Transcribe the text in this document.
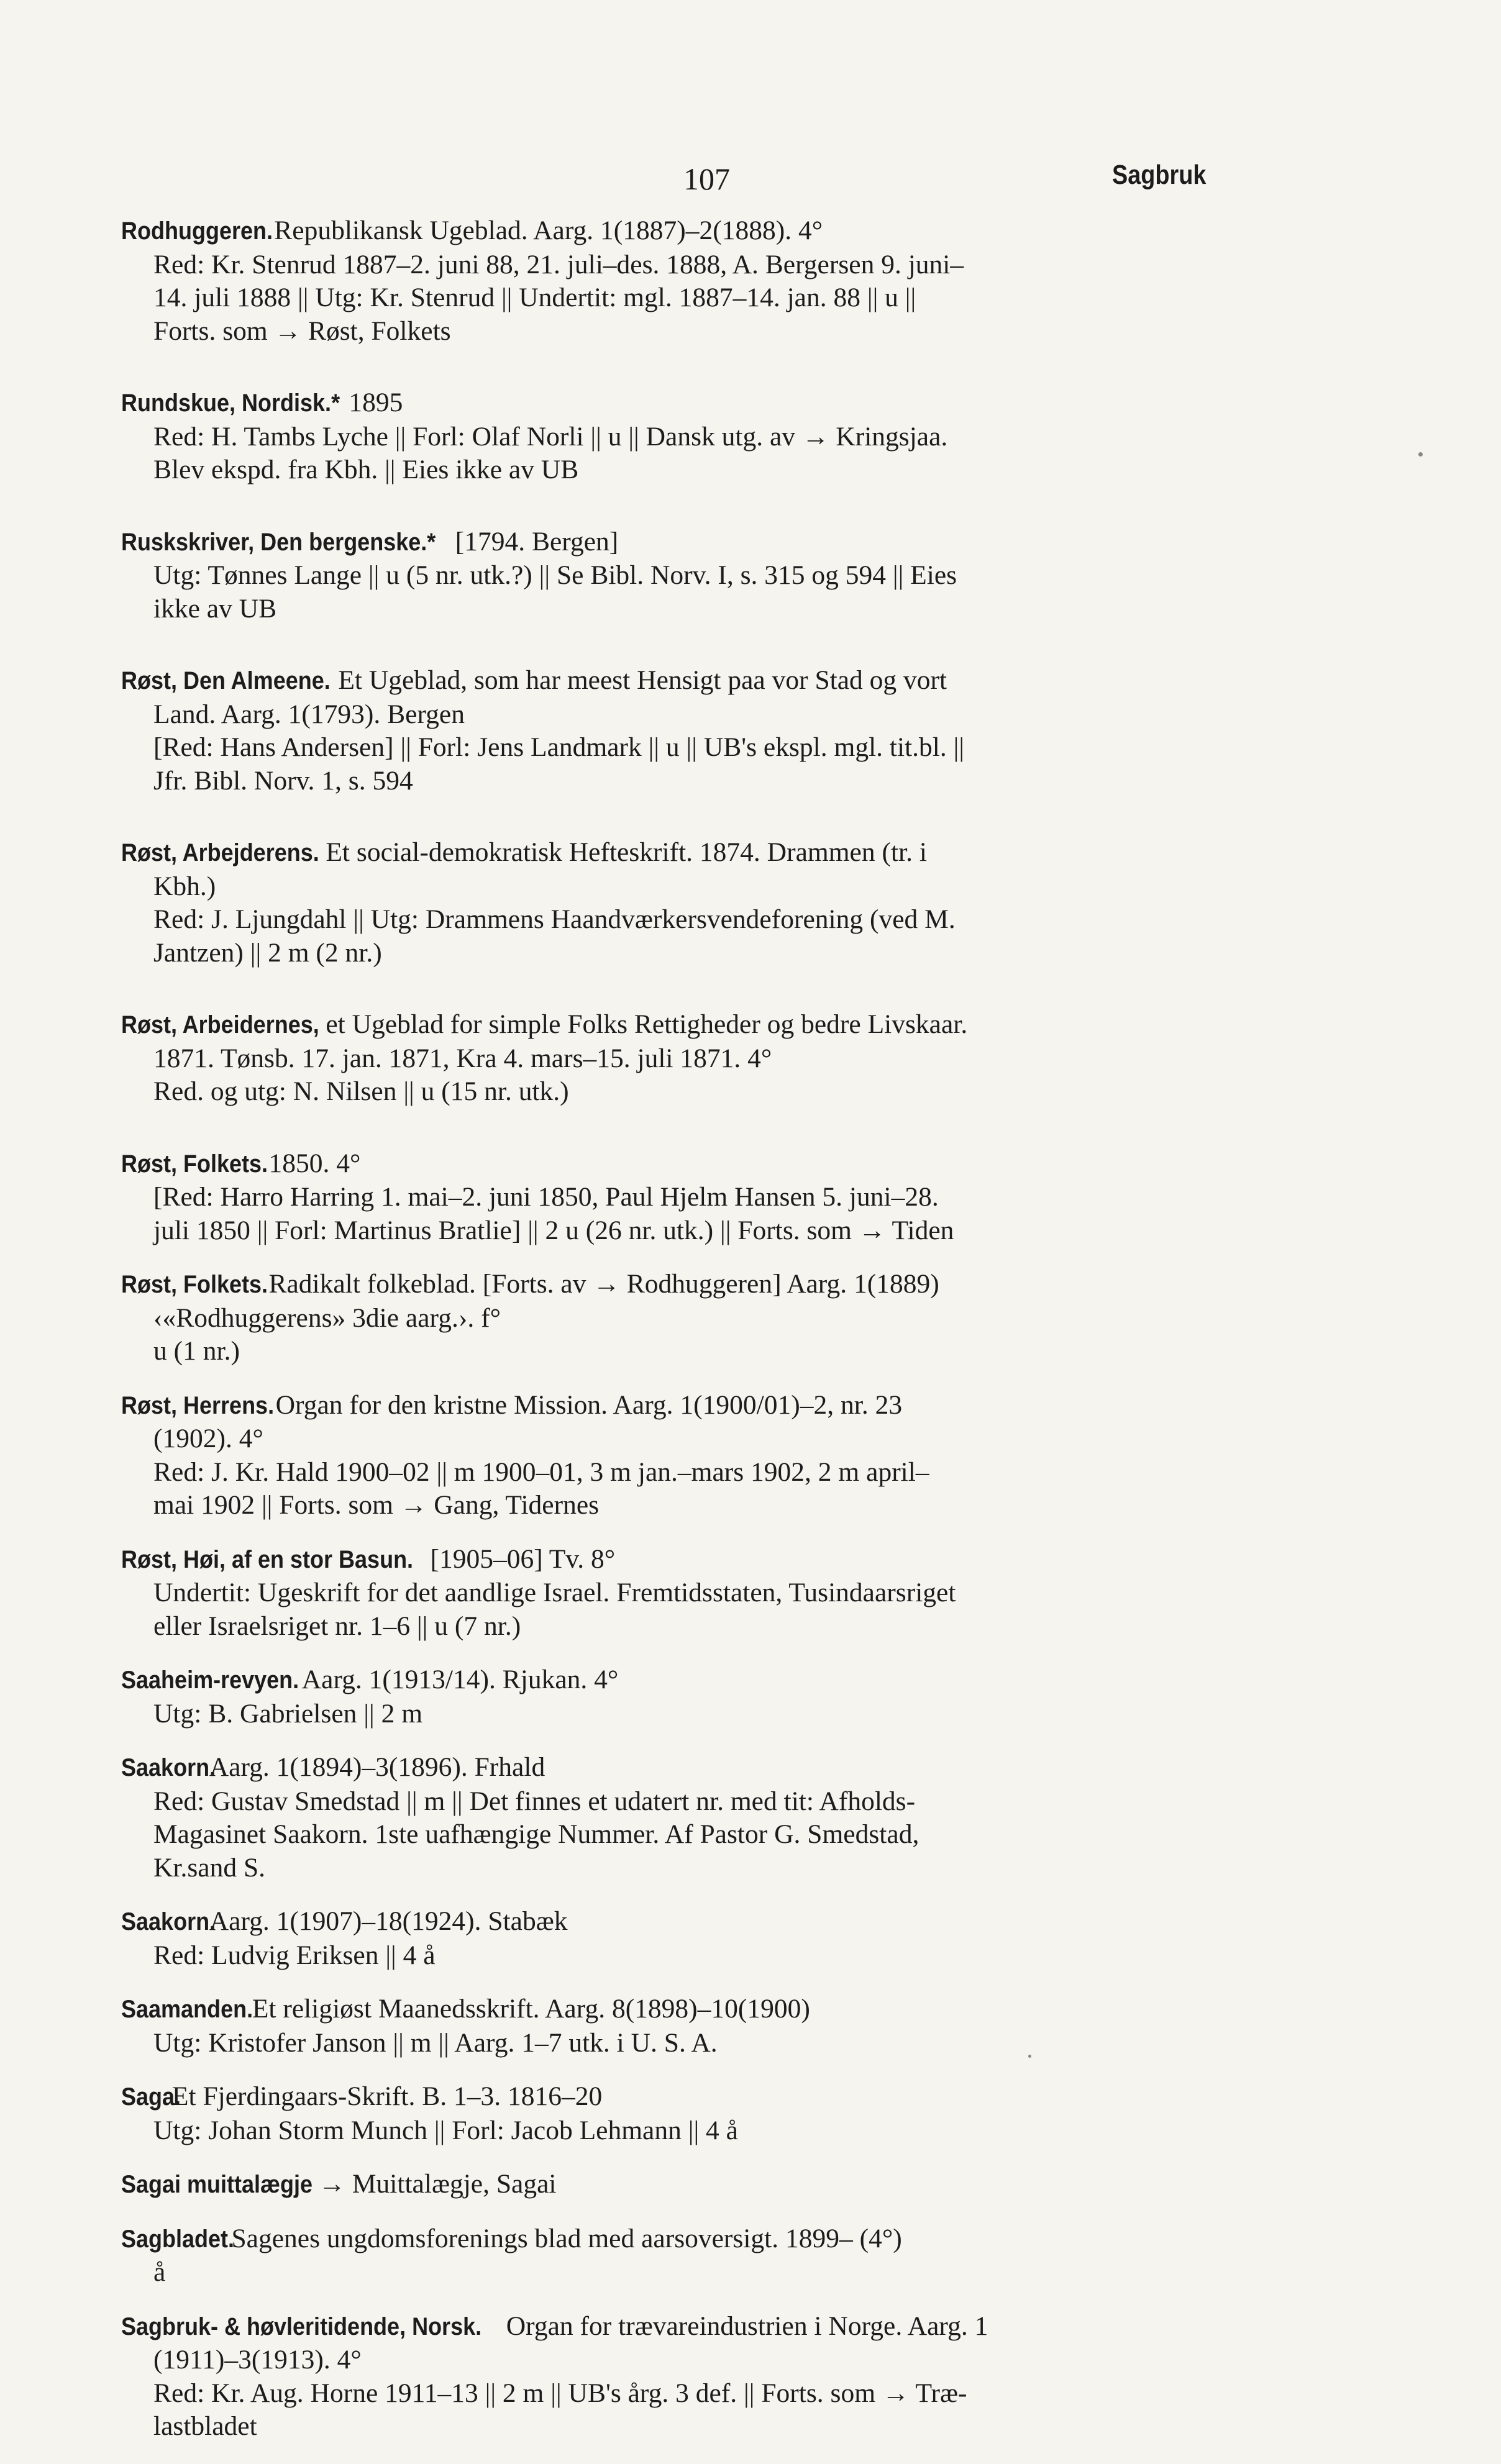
107	Sagbruk
Rodhuggeren. Republikansk Ugeblad. Aarg. 1(1887)–2(1888). 4°
Red: Kr. Stenrud 1887–2. juni 88, 21. juli–des. 1888, A. Bergersen 9. juni–
14. juli 1888 || Utg: Kr. Stenrud || Undertit: mgl. 1887–14. jan. 88 || u ||
Forts. som → Røst, Folkets
Rundskue, Nordisk.* 1895
Red: H. Tambs Lyche || Forl: Olaf Norli || u || Dansk utg. av → Kringsjaa.
Blev ekspd. fra Kbh. || Eies ikke av UB
Ruskskriver, Den bergenske.* [1794. Bergen]
Utg: Tønnes Lange || u (5 nr. utk.?) || Se Bibl. Norv. I, s. 315 og 594 || Eies
ikke av UB
Røst, Den Almeene. Et Ugeblad, som har meest Hensigt paa vor Stad og vort
Land. Aarg. 1(1793). Bergen
[Red: Hans Andersen] || Forl: Jens Landmark || u || UB's ekspl. mgl. tit.bl. ||
Jfr. Bibl. Norv. 1, s. 594
Røst, Arbejderens. Et social-demokratisk Hefteskrift. 1874. Drammen (tr. i
Kbh.)
Red: J. Ljungdahl || Utg: Drammens Haandværkersvendeforening (ved M.
Jantzen) || 2 m (2 nr.)
Røst, Arbeidernes, et Ugeblad for simple Folks Rettigheder og bedre Livskaar.
1871. Tønsb. 17. jan. 1871, Kra 4. mars–15. juli 1871. 4°
Red. og utg: N. Nilsen || u (15 nr. utk.)
Røst, Folkets. 1850. 4°
[Red: Harro Harring 1. mai–2. juni 1850, Paul Hjelm Hansen 5. juni–28.
juli 1850 || Forl: Martinus Bratlie] || 2 u (26 nr. utk.) || Forts. som → Tiden
Røst, Folkets. Radikalt folkeblad. [Forts. av → Rodhuggeren] Aarg. 1(1889)
‹«Rodhuggerens» 3die aarg.›. f°
u (1 nr.)
Røst, Herrens. Organ for den kristne Mission. Aarg. 1(1900/01)–2, nr. 23
(1902). 4°
Red: J. Kr. Hald 1900–02 || m 1900–01, 3 m jan.–mars 1902, 2 m april–
mai 1902 || Forts. som → Gang, Tidernes
Røst, Høi, af en stor Basun. [1905–06] Tv. 8°
Undertit: Ugeskrift for det aandlige Israel. Fremtidsstaten, Tusindaarsriget
eller Israelsriget nr. 1–6 || u (7 nr.)
Saaheim-revyen. Aarg. 1(1913/14). Rjukan. 4°
Utg: B. Gabrielsen || 2 m
Saakorn. Aarg. 1(1894)–3(1896). Frhald
Red: Gustav Smedstad || m || Det finnes et udatert nr. med tit: Afholds-
Magasinet Saakorn. 1ste uafhængige Nummer. Af Pastor G. Smedstad,
Kr.sand S.
Saakorn. Aarg. 1(1907)–18(1924). Stabæk
Red: Ludvig Eriksen || 4 å
Saamanden. Et religiøst Maanedsskrift. Aarg. 8(1898)–10(1900)
Utg: Kristofer Janson || m || Aarg. 1–7 utk. i U. S. A.
Saga. Et Fjerdingaars-Skrift. B. 1–3. 1816–20
Utg: Johan Storm Munch || Forl: Jacob Lehmann || 4 å
Sagai muittalægje → Muittalægje, Sagai
Sagbladet. Sagenes ungdomsforenings blad med aarsoversigt. 1899– (4°)
å
Sagbruk- & høvleritidende, Norsk. Organ for trævareindustrien i Norge. Aarg. 1
(1911)–3(1913). 4°
Red: Kr. Aug. Horne 1911–13 || 2 m || UB's årg. 3 def. || Forts. som → Træ-
lastbladet
